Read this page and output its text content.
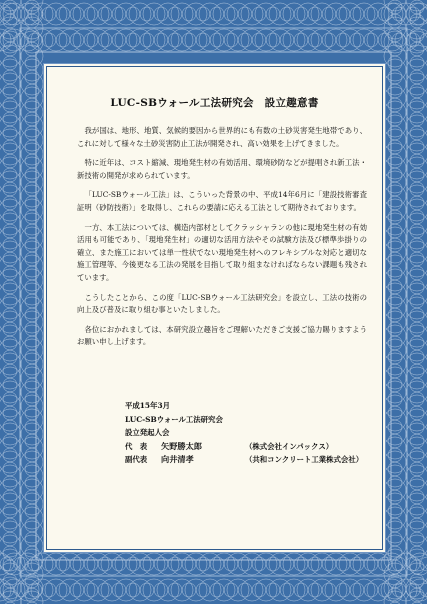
LUC-SBウォール工法研究会　設立趣意書

我が国は、地形、地質、気候的要因から世界的にも有数の土砂災害発生地帯であり、これに対して様々な土砂災害防止工法が開発され、高い効果を上げてきました。

特に近年は、コスト縮減、現地発生材の有効活用、環境砂防などが提唱され新工法・新技術の開発が求められています。

「LUC-SBウォール工法」は、こういった背景の中、平成14年6月に「建設技術審査証明（砂防技術）」を取得し、これらの要請に応える工法として期待されております。

一方、本工法については、構造内部材としてクラッシャランの他に現地発生材の有効活用も可能であり、「現地発生材」の適切な活用方法やその試験方法及び標準歩掛りの確立、また施工においては単一性状でない現地発生材へのフレキシブルな対応と適切な施工管理等、今後更なる工法の発展を目指して取り組まなければならない課題も残されています。

こうしたことから、この度「LUC-SBウォール工法研究会」を設立し、工法の技術の向上及び普及に取り組む事といたしました。

各位におかれましては、本研究設立趣旨をご理解いただきご支援ご協力賜りますようお願い申し上げます。

平成15年3月
LUC-SBウォール工法研究会
設立発起人会
代　表 矢野勝太郎	（株式会社インパックス）
副代表 向井清孝	（共和コンクリート工業株式会社）
